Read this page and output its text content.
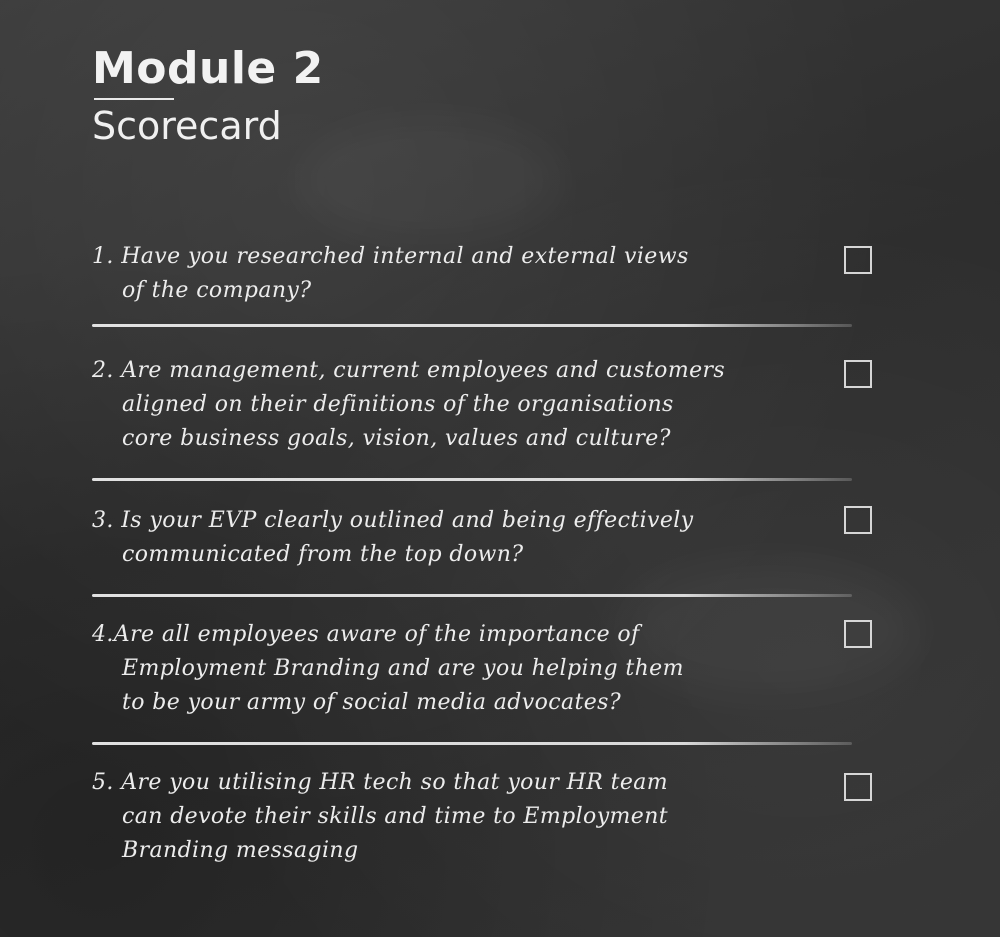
Module 2
Scorecard
1. Have you researched internal and external views
of the company?
2. Are management, current employees and customers
aligned on their definitions of the organisations
core business goals, vision, values and culture?
3. Is your EVP clearly outlined and being effectively
communicated from the top down?
4.Are all employees aware of the importance of
Employment Branding and are you helping them
to be your army of social media advocates?
5. Are you utilising HR tech so that your HR team
can devote their skills and time to Employment
Branding messaging
